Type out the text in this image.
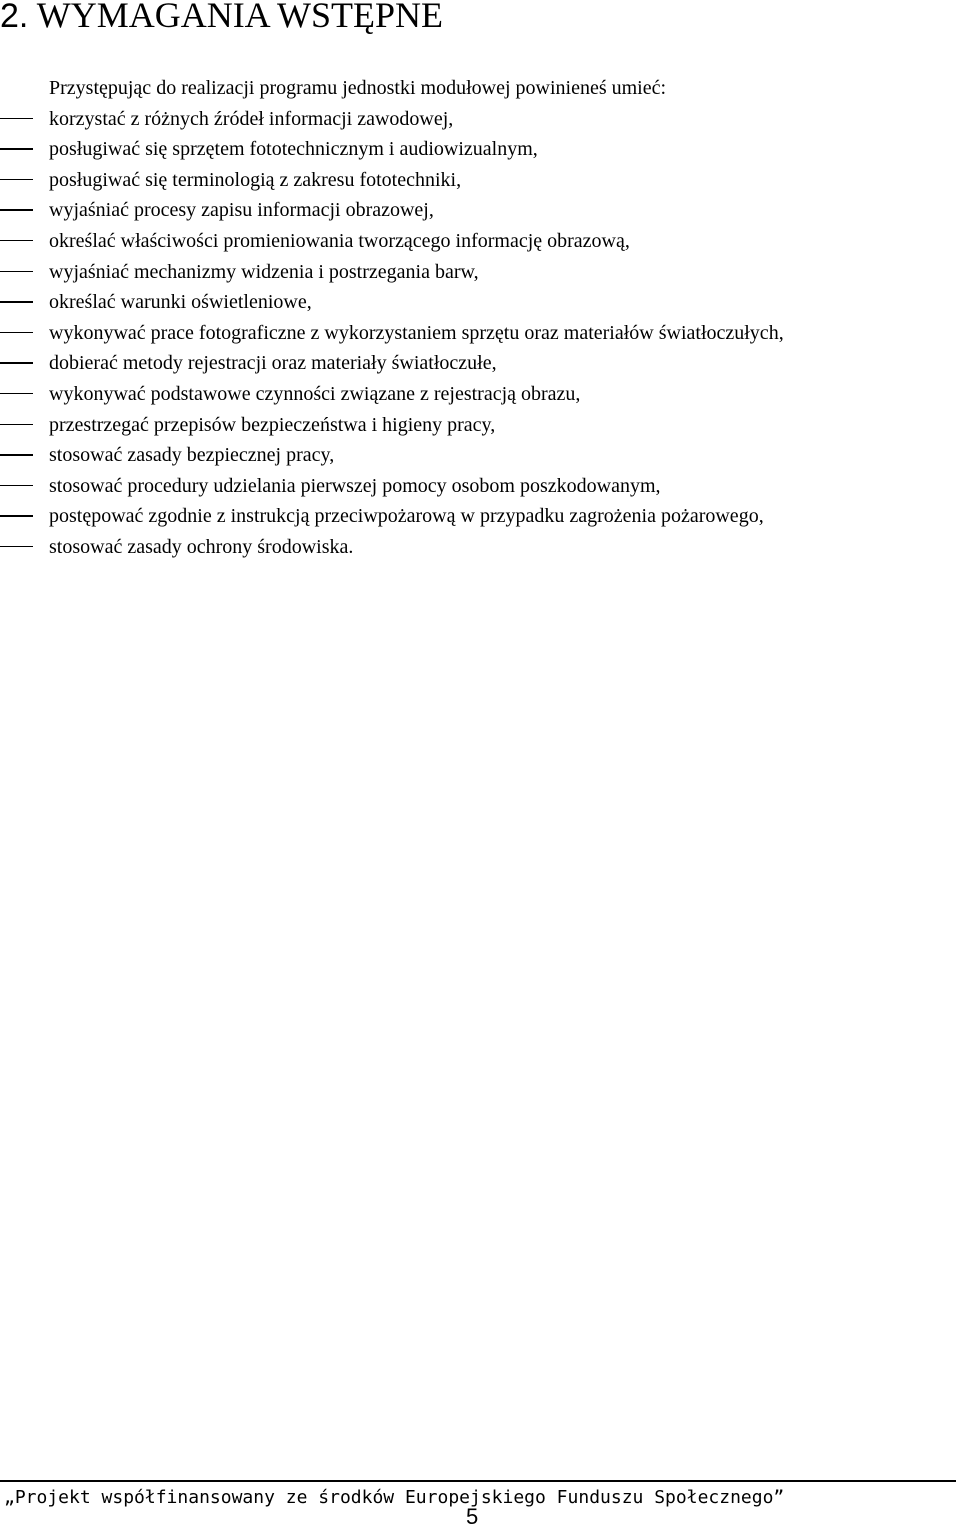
2. WYMAGANIA WSTĘPNE

Przystępując do realizacji programu jednostki modułowej powinieneś umieć:

korzystać z różnych źródeł informacji zawodowej,
posługiwać się sprzętem fototechnicznym i audiowizualnym,
posługiwać się terminologią z zakresu fototechniki,
wyjaśniać procesy zapisu informacji obrazowej,
określać właściwości promieniowania tworzącego informację obrazową,
wyjaśniać mechanizmy widzenia i postrzegania barw,
określać warunki oświetleniowe,
wykonywać prace fotograficzne z wykorzystaniem sprzętu oraz materiałów światłoczułych,
dobierać metody rejestracji oraz materiały światłoczułe,
wykonywać podstawowe czynności związane z rejestracją obrazu,
przestrzegać przepisów bezpieczeństwa i higieny pracy,
stosować zasady bezpiecznej pracy,
stosować procedury udzielania pierwszej pomocy osobom poszkodowanym,
postępować zgodnie z instrukcją przeciwpożarową w przypadku zagrożenia pożarowego,
stosować zasady ochrony środowiska.
„Projekt współfinansowany ze środków Europejskiego Funduszu Społecznego”
5
